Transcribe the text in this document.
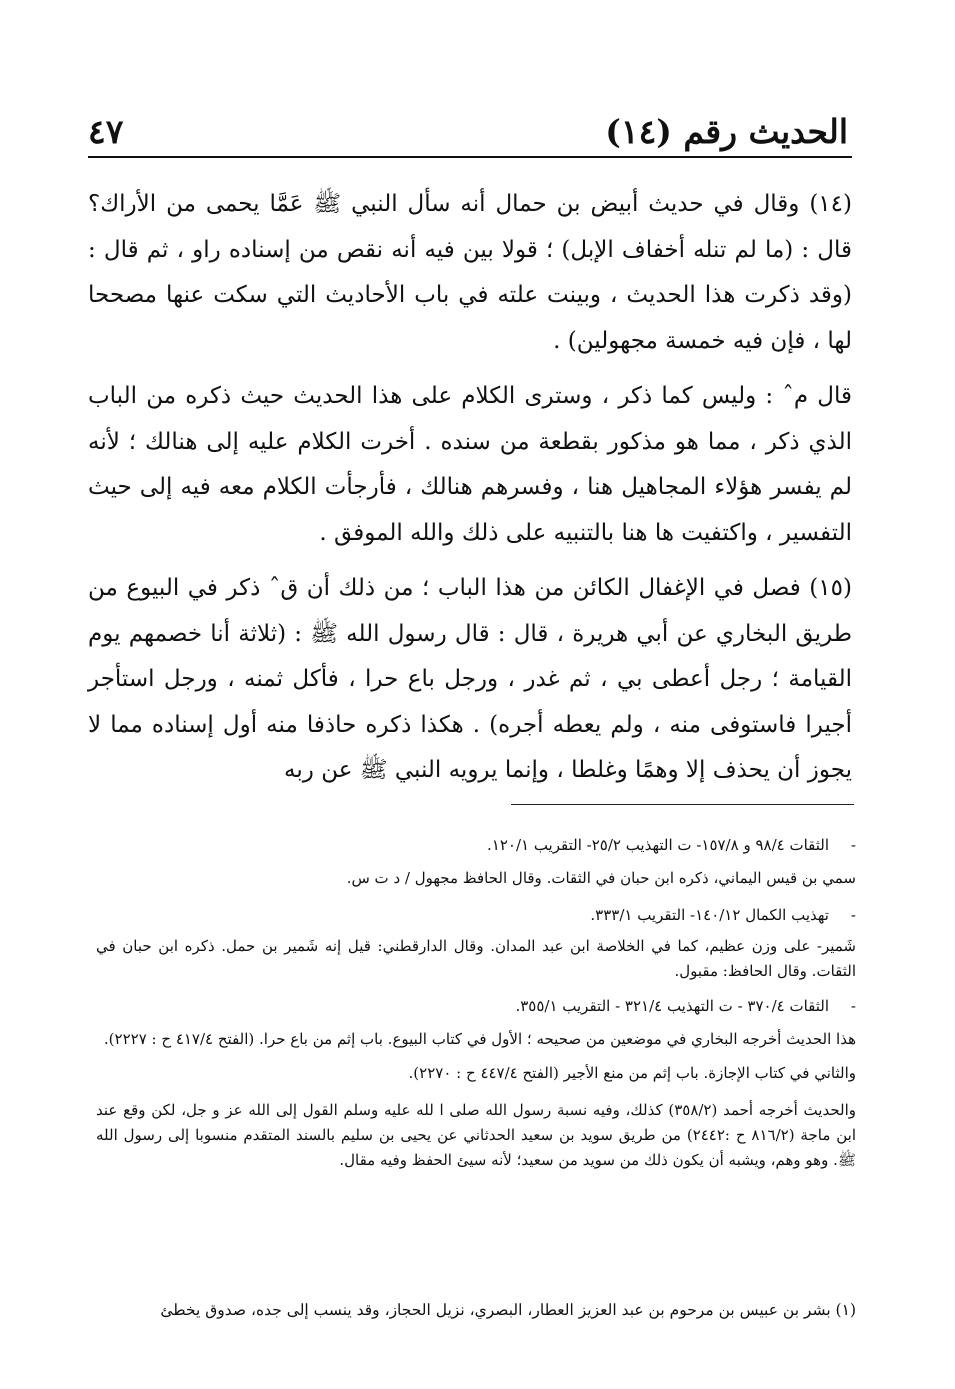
الحديث رقم (١٤)
٤٧

(١٤) وقال في حديث أبيض بن حمال أنه سأل النبي ﷺ عَمَّا يحمى من الأراك؟ قال : (ما لم تنله أخفاف الإبل) ؛ قولا بين فيه أنه نقص من إسناده راو ، ثم قال : (وقد ذكرت هذا الحديث ، وبينت علته في باب الأحاديث التي سكت عنها مصححا لها ، فإن فيه خمسة مجهولين) .

قال مˆ : وليس كما ذكر ، وسترى الكلام على هذا الحديث حيث ذكره من الباب الذي ذكر ، مما هو مذكور بقطعة من سنده . أخرت الكلام عليه إلى هنالك ؛ لأنه لم يفسر هؤلاء المجاهيل هنا ، وفسرهم هنالك ، فأرجأت الكلام معه فيه إلى حيث التفسير ، واكتفيت ها هنا بالتنبيه على ذلك والله الموفق .

(١٥) فصل في الإغفال الكائن من هذا الباب ؛ من ذلك أن قˆ ذكر في البيوع من طريق البخاري عن أبي هريرة ، قال : قال رسول الله ﷺ : (ثلاثة أنا خصمهم يوم القيامة ؛ رجل أعطى بي ، ثم غدر ، ورجل باع حرا ، فأكل ثمنه ، ورجل استأجر أجيرا فاستوفى منه ، ولم يعطه أجره) . هكذا ذكره حاذفا منه أول إسناده مما لا يجوز أن يحذف إلا وهمًا وغلطا ، وإنما يرويه النبي ﷺ عن ربه

-
الثقات ٩٨/٤ و ١٥٧/٨- ت التهذيب ٢٥/٢- التقريب ١٢٠/١.
سمي بن قيس اليماني، ذكره ابن حبان في الثقات. وقال الحافظ مجهول / د ت س.
-
تهذيب الكمال ١٤٠/١٢- التقريب ٣٣٣/١.
شَمير- على وزن عظيم، كما في الخلاصة ابن عبد المدان. وقال الدارقطني: قيل إنه شَمير بن حمل. ذكره ابن حبان في الثقات. وقال الحافظ: مقبول.
-
الثقات ٣٧٠/٤ - ت التهذيب ٣٢١/٤ - التقريب ٣٥٥/١.
هذا الحديث أخرجه البخاري في موضعين من صحيحه ؛ الأول في كتاب البيوع. باب إثم من باع حرا. (الفتح ٤١٧/٤ ح : ٢٢٢٧).
والثاني في كتاب الإجازة. باب إثم من منع الأجير (الفتح ٤٤٧/٤ ح : ٢٢٧٠).
والحديث أخرجه أحمد (٣٥٨/٢) كذلك، وفيه نسبة رسول الله صلى ا لله عليه وسلم القول إلى الله عز و جل، لكن وقع عند ابن ماجة (٨١٦/٢ ح :٢٤٤٢) من طريق سويد بن سعيد الحدثاني عن يحيى بن سليم بالسند المتقدم منسوبا إلى رسول الله ﷺ. وهو وهم، ويشبه أن يكون ذلك من سويد من سعيد؛ لأنه سيئ الحفظ وفيه مقال.
(١) بشر بن عبيس بن مرحوم بن عبد العزيز العطار، البصري، نزيل الحجاز، وقد ينسب إلى جده، صدوق يخطئ
